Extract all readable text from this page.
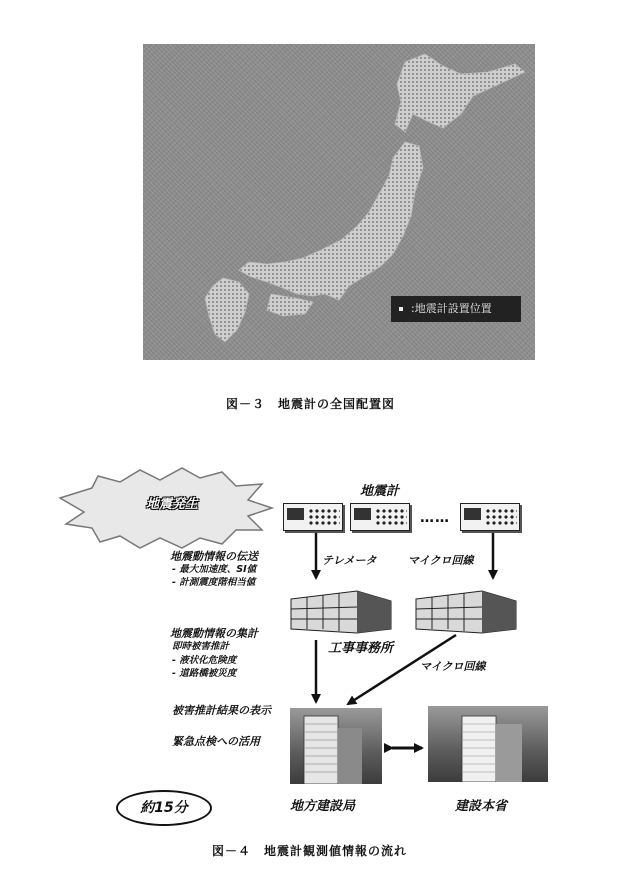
:地震計設置位置
図－３　地震計の全国配置図
地震発生
地震計
……
地震動情報の伝送
- 最大加速度、SI値
- 計測震度階相当値
テレメータ	マイクロ回線
地震動情報の集計
即時被害推計
- 液状化危険度
- 道路橋被災度
工事事務所
マイクロ回線
被害推計結果の表示
緊急点検への活用
約15分	地方建設局	建設本省
図－４　地震計観測値情報の流れ
